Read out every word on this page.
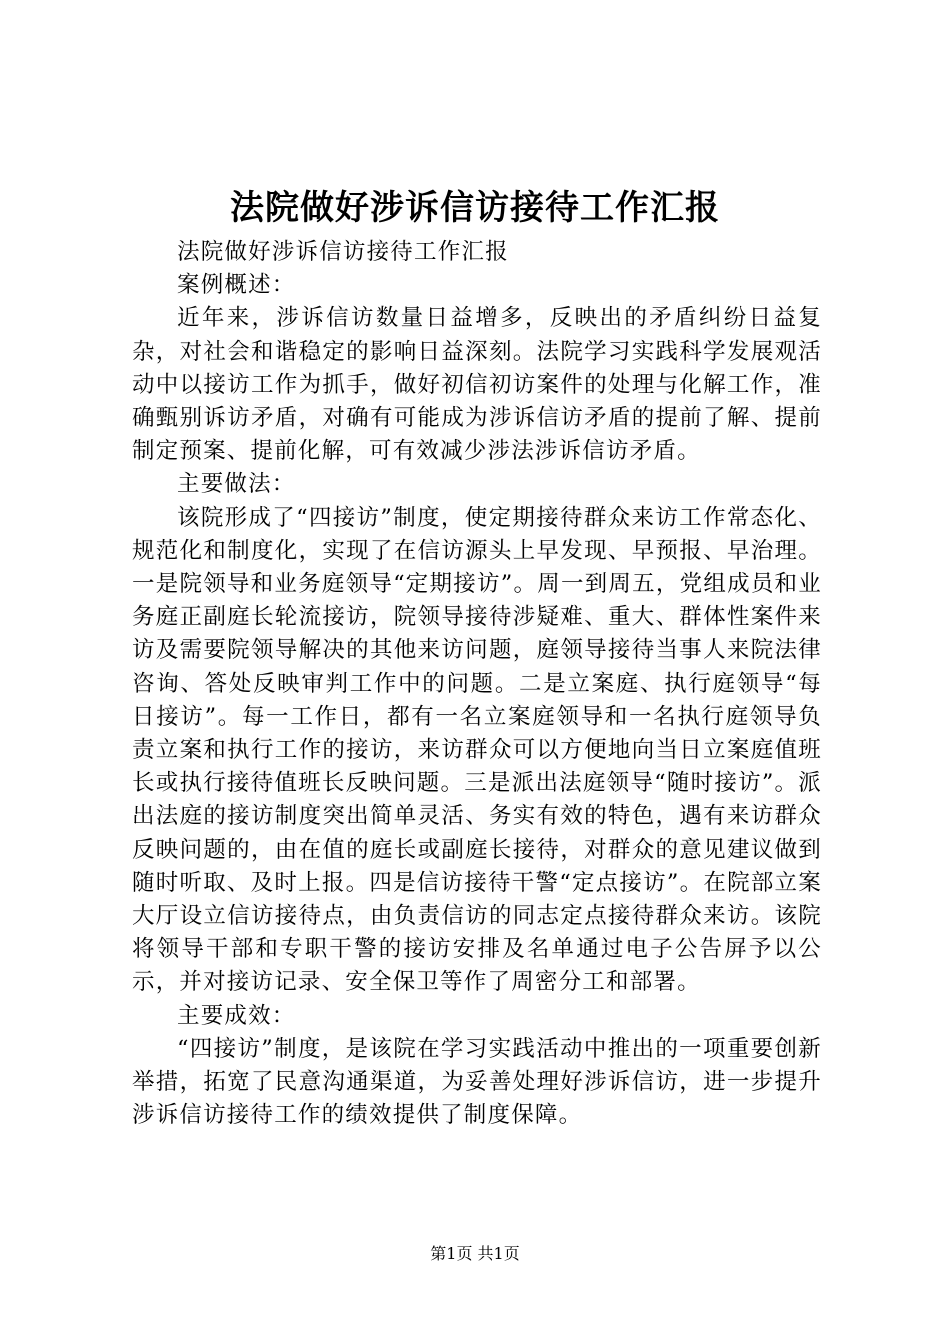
法院做好涉诉信访接待工作汇报

法院做好涉诉信访接待工作汇报

案例概述：

近年来，涉诉信访数量日益增多，反映出的矛盾纠纷日益复杂，对社会和谐稳定的影响日益深刻。法院学习实践科学发展观活动中以接访工作为抓手，做好初信初访案件的处理与化解工作，准确甄别诉访矛盾，对确有可能成为涉诉信访矛盾的提前了解、提前制定预案、提前化解，可有效减少涉法涉诉信访矛盾。

主要做法：

该院形成了“四接访”制度，使定期接待群众来访工作常态化、规范化和制度化，实现了在信访源头上早发现、早预报、早治理。一是院领导和业务庭领导“定期接访”。周一到周五，党组成员和业务庭正副庭长轮流接访，院领导接待涉疑难、重大、群体性案件来访及需要院领导解决的其他来访问题，庭领导接待当事人来院法律咨询、答处反映审判工作中的问题。二是立案庭、执行庭领导“每日接访”。每一工作日，都有一名立案庭领导和一名执行庭领导负责立案和执行工作的接访，来访群众可以方便地向当日立案庭值班长或执行接待值班长反映问题。三是派出法庭领导“随时接访”。派出法庭的接访制度突出简单灵活、务实有效的特色，遇有来访群众反映问题的，由在值的庭长或副庭长接待，对群众的意见建议做到随时听取、及时上报。四是信访接待干警“定点接访”。在院部立案大厅设立信访接待点，由负责信访的同志定点接待群众来访。该院将领导干部和专职干警的接访安排及名单通过电子公告屏予以公示，并对接访记录、安全保卫等作了周密分工和部署。

主要成效：

“四接访”制度，是该院在学习实践活动中推出的一项重要创新举措，拓宽了民意沟通渠道，为妥善处理好涉诉信访，进一步提升涉诉信访接待工作的绩效提供了制度保障。

第1页 共1页
